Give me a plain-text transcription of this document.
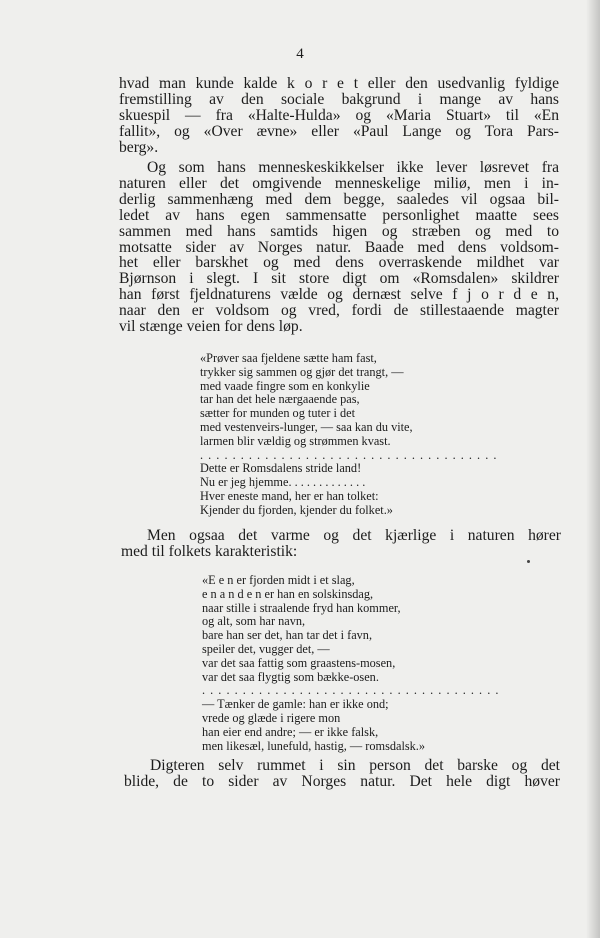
4
hvad man kunde kalde k o r e t eller den usedvanlig fyldige
fremstilling av den sociale bakgrund i mange av hans
skuespil — fra «Halte-Hulda» og «Maria Stuart» til «En
fallit», og «Over ævne» eller «Paul Lange og Tora Pars-
berg».
Og som hans menneskeskikkelser ikke lever løsrevet fra
naturen eller det omgivende menneskelige miliø, men i in-
derlig sammenhæng med dem begge, saaledes vil ogsaa bil-
ledet av hans egen sammensatte personlighet maatte sees
sammen med hans samtids higen og stræben og med to
motsatte sider av Norges natur. Baade med dens voldsom-
het eller barskhet og med dens overraskende mildhet var
Bjørnson i slegt. I sit store digt om «Romsdalen» skildrer
han først fjeldnaturens vælde og dernæst selve f j o r d e n,
naar den er voldsom og vred, fordi de stillestaaende magter
vil stænge veien for dens løp.
«Prøver saa fjeldene sætte ham fast,
trykker sig sammen og gjør det trangt, —
med vaade fingre som en konkylie
tar han det hele nærgaaende pas,
sætter for munden og tuter i det
med vestenveirs-lunger, — saa kan du vite,
larmen blir vældig og strømmen kvast.
. . . . . . . . . . . . . . . . . . . . . . . . . . . . . . . . . . . . .
Dette er Romsdalens stride land!
Nu er jeg hjemme. . . . . . . . . . . . .
Hver eneste mand, her er han tolket:
Kjender du fjorden, kjender du folket.»
Men ogsaa det varme og det kjærlige i naturen hører
med til folkets karakteristik:
«E e n er fjorden midt i et slag,
e n a n d e n er han en solskinsdag,
naar stille i straalende fryd han kommer,
og alt, som har navn,
bare han ser det, han tar det i favn,
speiler det, vugger det, —
var det saa fattig som graastens-mosen,
var det saa flygtig som bække-osen.
. . . . . . . . . . . . . . . . . . . . . . . . . . . . . . . . . . . . .
— Tænker de gamle: han er ikke ond;
vrede og glæde i rigere mon
han eier end andre; — er ikke falsk,
men likesæl, lunefuld, hastig, — romsdalsk.»
Digteren selv rummet i sin person det barske og det
blide, de to sider av Norges natur. Det hele digt høver
